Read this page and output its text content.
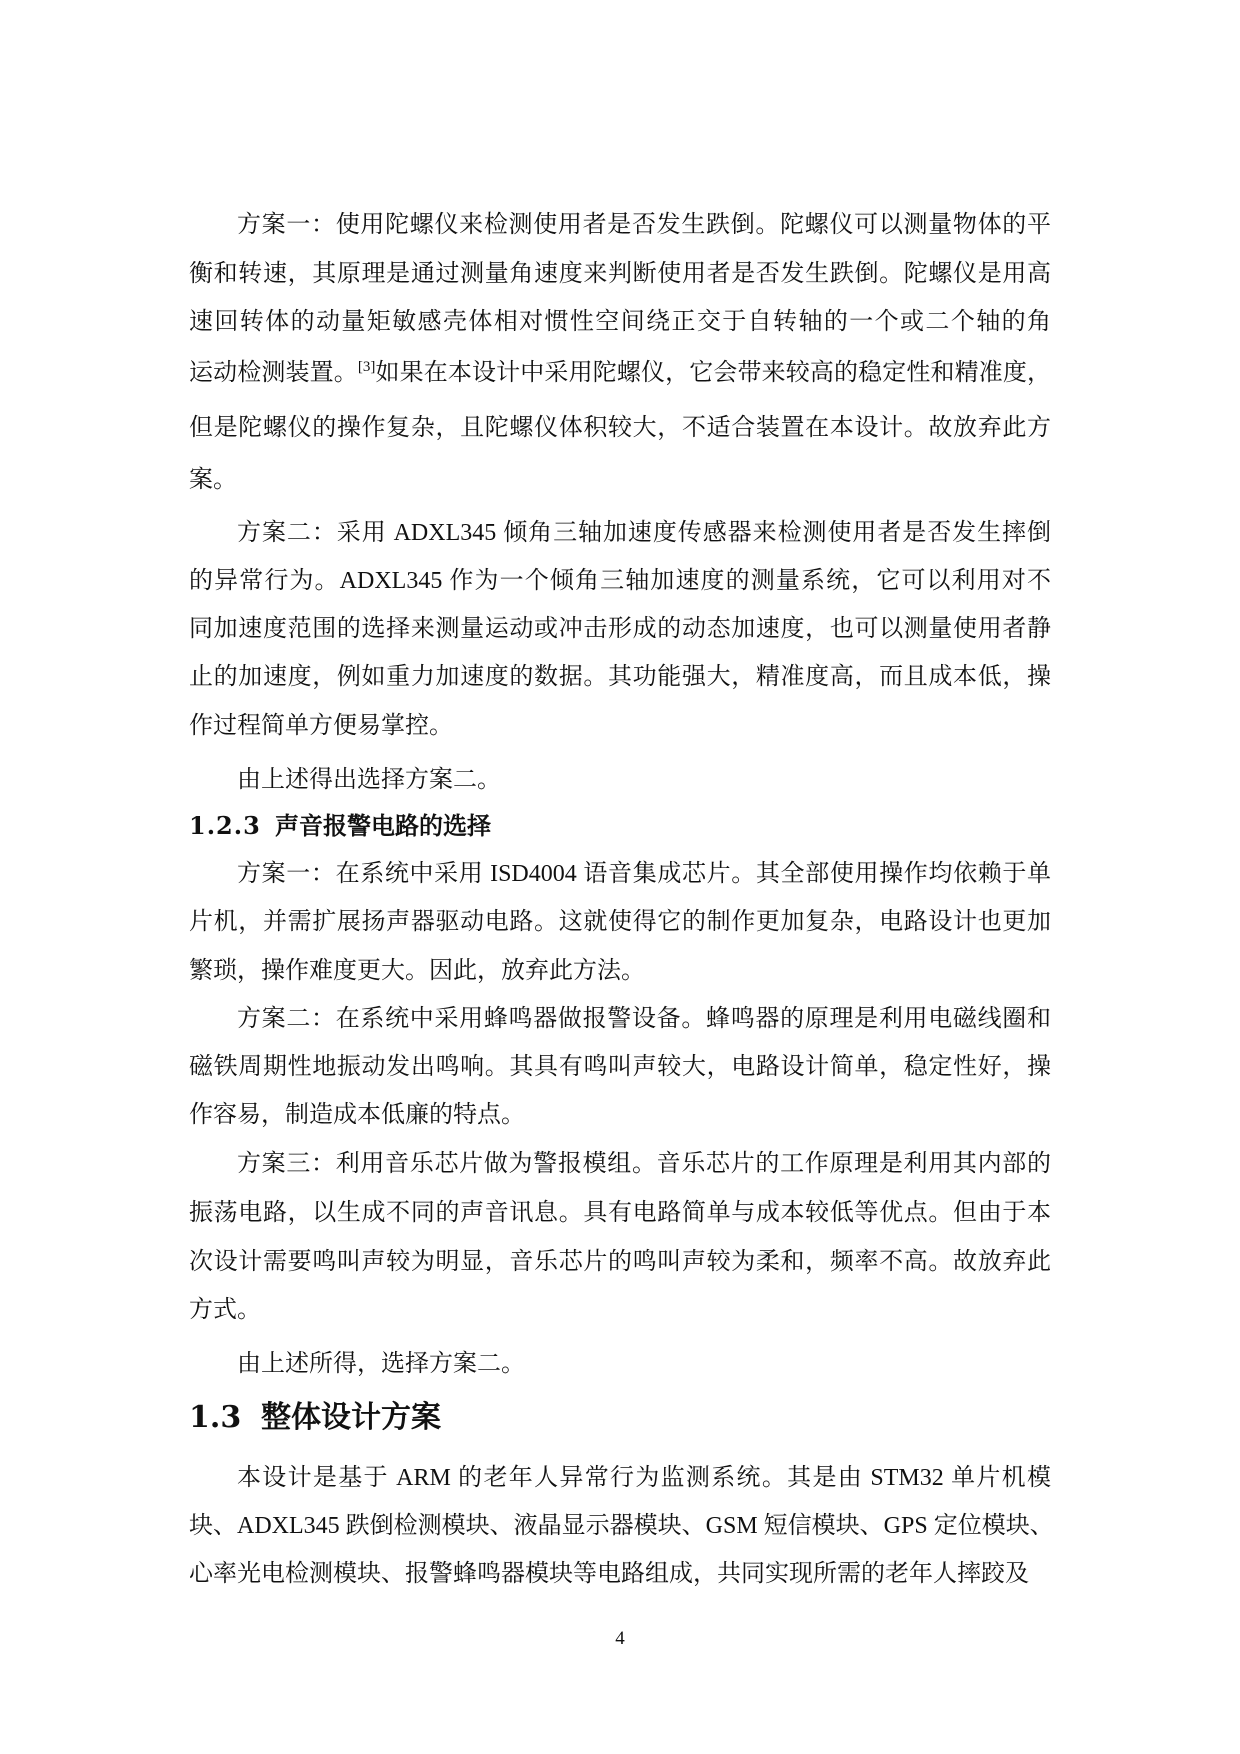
1.2.3 声音报警电路的选择
1.3 整体设计方案
4
方案一：使用陀螺仪来检测使用者是否发生跌倒。陀螺仪可以测量物体的平
衡和转速，其原理是通过测量角速度来判断使用者是否发生跌倒。陀螺仪是用高
速回转体的动量矩敏感壳体相对惯性空间绕正交于自转轴的一个或二个轴的角
运动检测装置。[3]如果在本设计中采用陀螺仪，它会带来较高的稳定性和精准度，
但是陀螺仪的操作复杂，且陀螺仪体积较大，不适合装置在本设计。故放弃此方
案。
方案二：采用 ADXL345 倾角三轴加速度传感器来检测使用者是否发生摔倒
的异常行为。ADXL345 作为一个倾角三轴加速度的测量系统，它可以利用对不
同加速度范围的选择来测量运动或冲击形成的动态加速度，也可以测量使用者静
止的加速度，例如重力加速度的数据。其功能强大，精准度高，而且成本低，操
作过程简单方便易掌控。
由上述得出选择方案二。
方案一：在系统中采用 ISD4004 语音集成芯片。其全部使用操作均依赖于单
片机，并需扩展扬声器驱动电路。这就使得它的制作更加复杂，电路设计也更加
繁琐，操作难度更大。因此，放弃此方法。
方案二：在系统中采用蜂鸣器做报警设备。蜂鸣器的原理是利用电磁线圈和
磁铁周期性地振动发出鸣响。其具有鸣叫声较大，电路设计简单，稳定性好，操
作容易，制造成本低廉的特点。
方案三：利用音乐芯片做为警报模组。音乐芯片的工作原理是利用其内部的
振荡电路，以生成不同的声音讯息。具有电路简单与成本较低等优点。但由于本
次设计需要鸣叫声较为明显，音乐芯片的鸣叫声较为柔和，频率不高。故放弃此
方式。
由上述所得，选择方案二。
本设计是基于 ARM 的老年人异常行为监测系统。其是由 STM32 单片机模
块、ADXL345 跌倒检测模块、液晶显示器模块、GSM 短信模块、GPS 定位模块、
心率光电检测模块、报警蜂鸣器模块等电路组成，共同实现所需的老年人摔跤及
